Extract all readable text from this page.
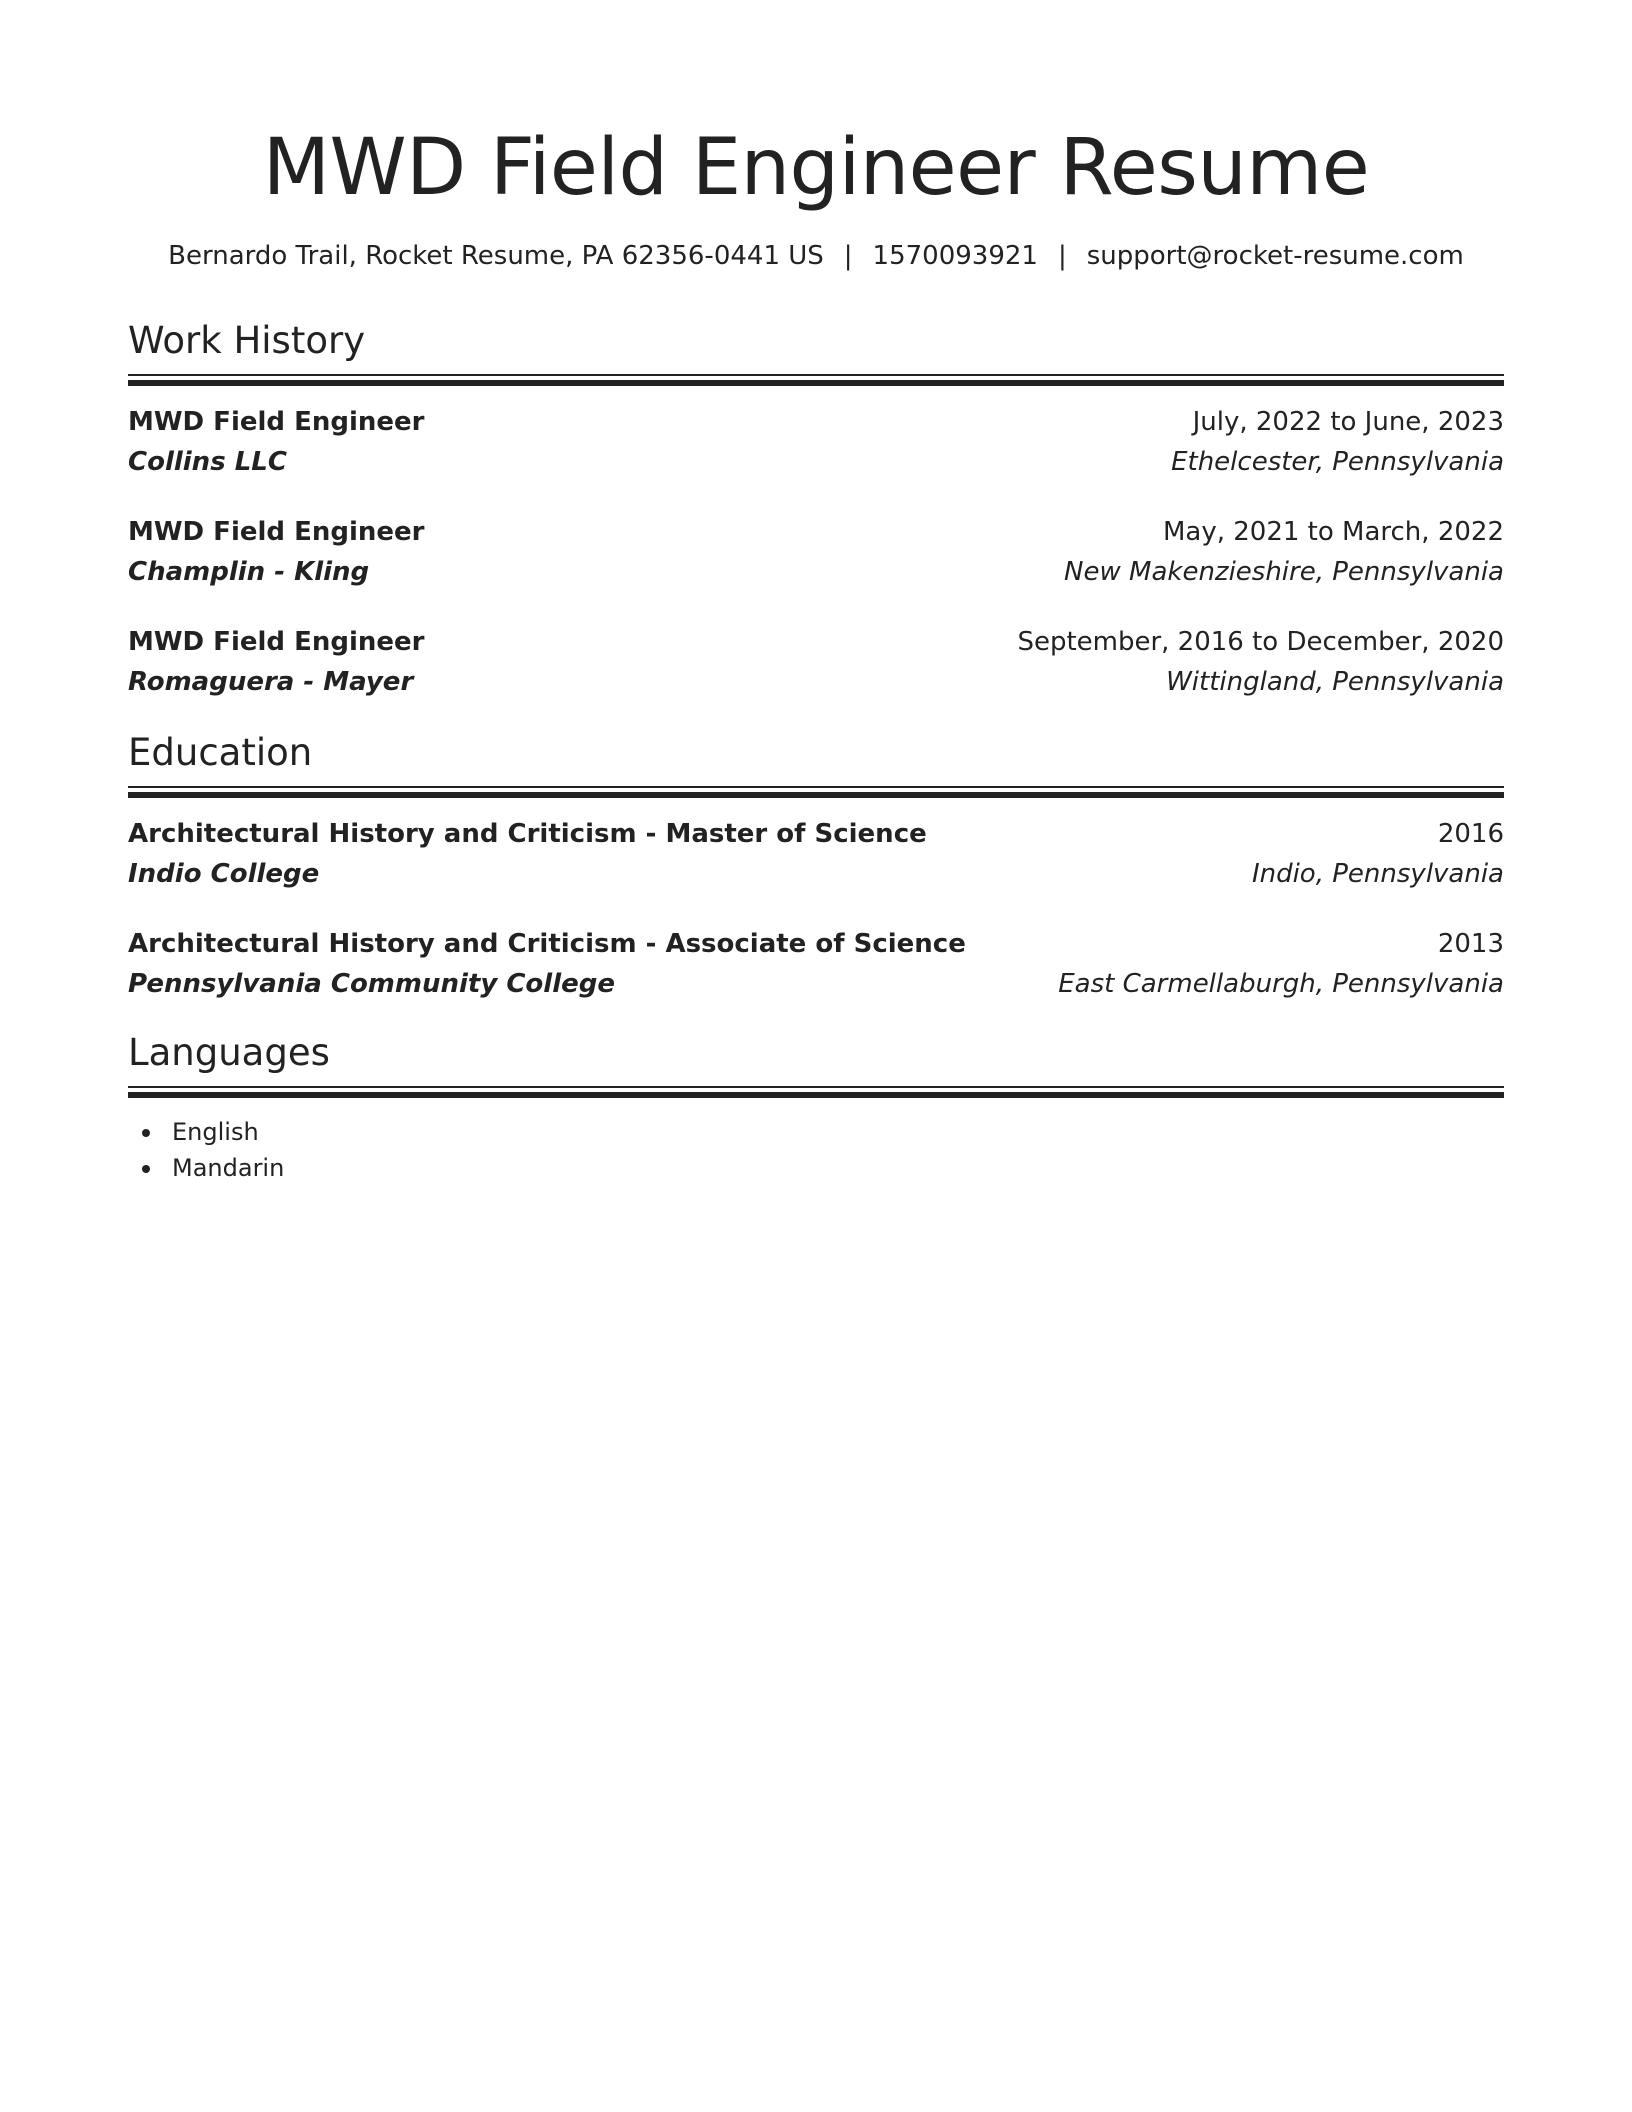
MWD Field Engineer Resume
Bernardo Trail, Rocket Resume, PA 62356-0441 US | 1570093921 | support@rocket-resume.com
Work History
MWD Field Engineer	July, 2022 to June, 2023
Collins LLC	Ethelcester, Pennsylvania
MWD Field Engineer	May, 2021 to March, 2022
Champlin - Kling	New Makenzieshire, Pennsylvania
MWD Field Engineer	September, 2016 to December, 2020
Romaguera - Mayer	Wittingland, Pennsylvania
Education
Architectural History and Criticism - Master of Science	2016
Indio College	Indio, Pennsylvania
Architectural History and Criticism - Associate of Science	2013
Pennsylvania Community College	East Carmellaburgh, Pennsylvania
Languages
English
Mandarin
